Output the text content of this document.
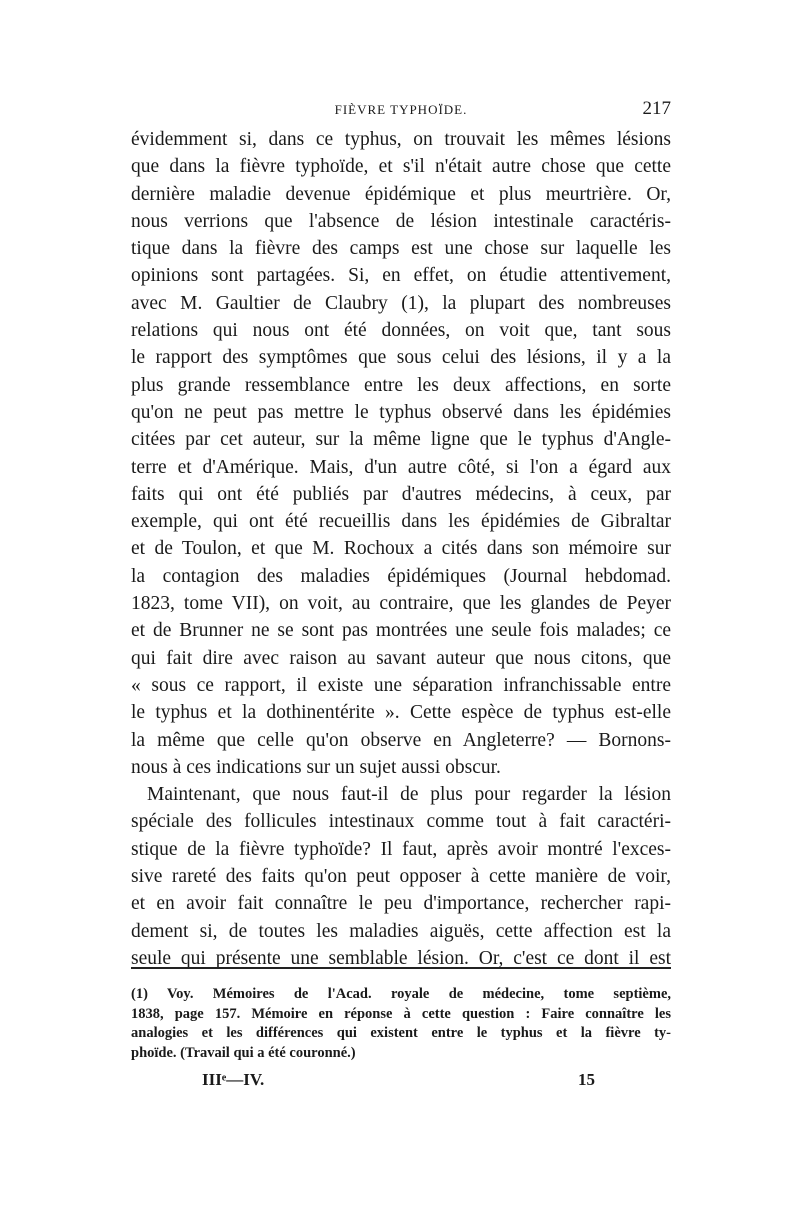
FIÈVRE TYPHOÏDE.	217
évidemment si, dans ce typhus, on trouvait les mêmes lésions
que dans la fièvre typhoïde, et s'il n'était autre chose que cette
dernière maladie devenue épidémique et plus meurtrière. Or,
nous verrions que l'absence de lésion intestinale caractéris-
tique dans la fièvre des camps est une chose sur laquelle les
opinions sont partagées. Si, en effet, on étudie attentivement,
avec M. Gaultier de Claubry (1), la plupart des nombreuses
relations qui nous ont été données, on voit que, tant sous
le rapport des symptômes que sous celui des lésions, il y a la
plus grande ressemblance entre les deux affections, en sorte
qu'on ne peut pas mettre le typhus observé dans les épidémies
citées par cet auteur, sur la même ligne que le typhus d'Angle-
terre et d'Amérique. Mais, d'un autre côté, si l'on a égard aux
faits qui ont été publiés par d'autres médecins, à ceux, par
exemple, qui ont été recueillis dans les épidémies de Gibraltar
et de Toulon, et que M. Rochoux a cités dans son mémoire sur
la contagion des maladies épidémiques (Journal hebdomad.
1823, tome VII), on voit, au contraire, que les glandes de Peyer
et de Brunner ne se sont pas montrées une seule fois malades; ce
qui fait dire avec raison au savant auteur que nous citons, que
« sous ce rapport, il existe une séparation infranchissable entre
le typhus et la dothinentérite ». Cette espèce de typhus est-elle
la même que celle qu'on observe en Angleterre? — Bornons-
nous à ces indications sur un sujet aussi obscur.
Maintenant, que nous faut-il de plus pour regarder la lésion
spéciale des follicules intestinaux comme tout à fait caractéri-
stique de la fièvre typhoïde? Il faut, après avoir montré l'exces-
sive rareté des faits qu'on peut opposer à cette manière de voir,
et en avoir fait connaître le peu d'importance, rechercher rapi-
dement si, de toutes les maladies aiguës, cette affection est la
seule qui présente une semblable lésion. Or, c'est ce dont il est
(1) Voy. Mémoires de l'Acad. royale de médecine, tome septième,
1838, page 157. Mémoire en réponse à cette question : Faire connaître les
analogies et les différences qui existent entre le typhus et la fièvre ty-
phoïde. (Travail qui a été couronné.)
IIIᵉ—IV.	15
